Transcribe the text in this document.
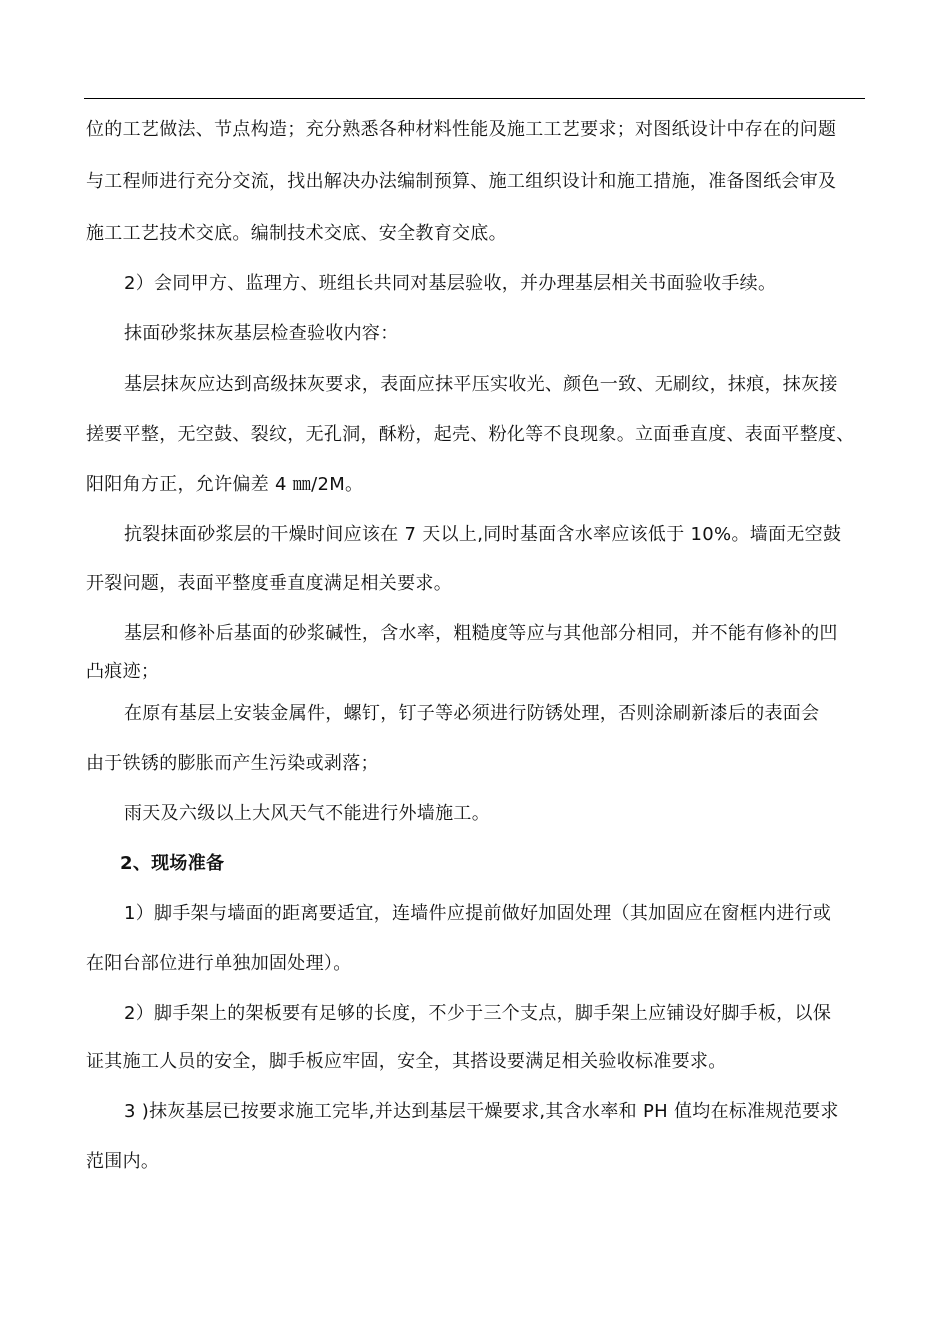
位的工艺做法、节点构造；充分熟悉各种材料性能及施工工艺要求；对图纸设计中存在的问题
与工程师进行充分交流，找出解决办法编制预算、施工组织设计和施工措施，准备图纸会审及
施工工艺技术交底。编制技术交底、安全教育交底。
2）会同甲方、监理方、班组长共同对基层验收，并办理基层相关书面验收手续。
抹面砂浆抹灰基层检查验收内容：
基层抹灰应达到高级抹灰要求，表面应抹平压实收光、颜色一致、无刷纹，抹痕，抹灰接
搓要平整，无空鼓、裂纹，无孔洞，酥粉，起壳、粉化等不良现象。立面垂直度、表面平整度、
阳阳角方正，允许偏差 4 ㎜/2M。
抗裂抹面砂浆层的干燥时间应该在 7 天以上,同时基面含水率应该低于 10%。墙面无空鼓
开裂问题，表面平整度垂直度满足相关要求。
基层和修补后基面的砂浆碱性，含水率，粗糙度等应与其他部分相同，并不能有修补的凹
凸痕迹；
在原有基层上安装金属件，螺钉，钉子等必须进行防锈处理，否则涂刷新漆后的表面会
由于铁锈的膨胀而产生污染或剥落；
雨天及六级以上大风天气不能进行外墙施工。
2、现场准备
1）脚手架与墙面的距离要适宜，连墙件应提前做好加固处理（其加固应在窗框内进行或
在阳台部位进行单独加固处理）。
2）脚手架上的架板要有足够的长度，不少于三个支点，脚手架上应铺设好脚手板，以保
证其施工人员的安全，脚手板应牢固，安全，其搭设要满足相关验收标准要求。
3 )抹灰基层已按要求施工完毕,并达到基层干燥要求,其含水率和 PH 值均在标准规范要求
范围内。
